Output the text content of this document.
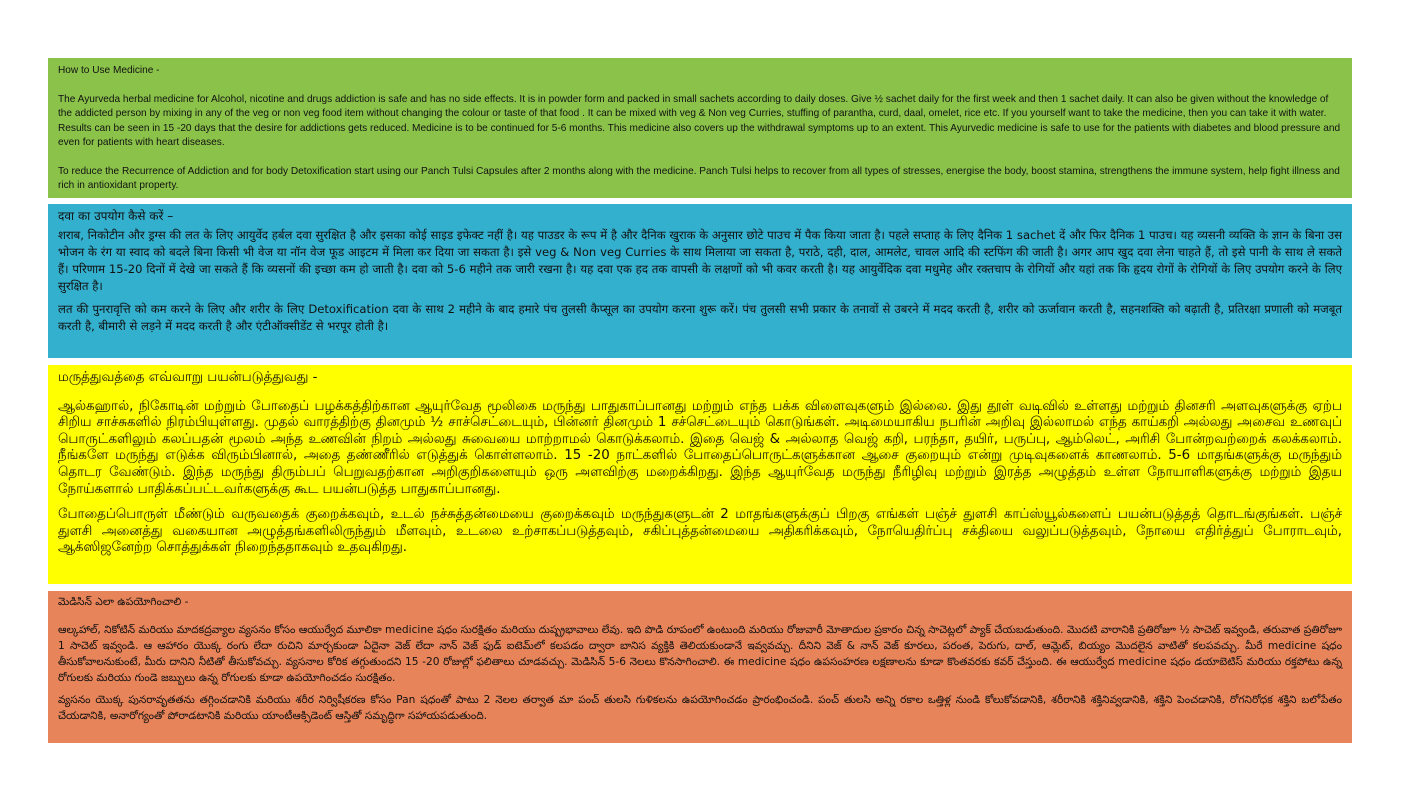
How to Use Medicine -

The Ayurveda herbal medicine for Alcohol, nicotine and drugs addiction is safe and has no side effects. It is in powder form and packed in small sachets according to daily doses. Give ½ sachet daily for the first week and then 1 sachet daily. It can also be given without the knowledge of the addicted person by mixing in any of the veg or non veg food item without changing the colour or taste of that food . It can be mixed with veg & Non veg Curries, stuffing of parantha, curd, daal, omelet, rice etc. If you yourself want to take the medicine, then you can take it with water. Results can be seen in 15 -20 days that the desire for addictions gets reduced. Medicine is to be continued for 5-6 months. This medicine also covers up the withdrawal symptoms up to an extent. This Ayurvedic medicine is safe to use for the patients with diabetes and blood pressure and even for patients with heart diseases.

To reduce the Recurrence of Addiction and for body Detoxification start using our Panch Tulsi Capsules after 2 months along with the medicine. Panch Tulsi helps to recover from all types of stresses, energise the body, boost stamina, strengthens the immune system, help fight illness and rich in antioxidant property.

दवा का उपयोग कैसे करें –

शराब, निकोटीन और ड्रग्स की लत के लिए आयुर्वेद हर्बल दवा सुरक्षित है और इसका कोई साइड इफेक्ट नहीं है। यह पाउडर के रूप में है और दैनिक खुराक के अनुसार छोटे पाउच में पैक किया जाता है। पहले सप्ताह के लिए दैनिक 1 sachet दें और फिर दैनिक 1 पाउच। यह व्यसनी व्यक्ति के ज्ञान के बिना उस भोजन के रंग या स्वाद को बदले बिना किसी भी वेज या नॉन वेज फूड आइटम में मिला कर दिया जा सकता है। इसे veg & Non veg Curries के साथ मिलाया जा सकता है, पराठे, दही, दाल, आमलेट, चावल आदि की स्टफिंग की जाती है। अगर आप खुद दवा लेना चाहते हैं, तो इसे पानी के साथ ले सकते हैं। परिणाम 15-20 दिनों में देखे जा सकते हैं कि व्यसनों की इच्छा कम हो जाती है। दवा को 5-6 महीने तक जारी रखना है। यह दवा एक हद तक वापसी के लक्षणों को भी कवर करती है। यह आयुर्वेदिक दवा मधुमेह और रक्तचाप के रोगियों और यहां तक कि हृदय रोगों के रोगियों के लिए उपयोग करने के लिए सुरक्षित है।

लत की पुनरावृत्ति को कम करने के लिए और शरीर के लिए Detoxification दवा के साथ 2 महीने के बाद हमारे पंच तुलसी कैप्सूल का उपयोग करना शुरू करें। पंच तुलसी सभी प्रकार के तनावों से उबरने में मदद करती है, शरीर को ऊर्जावान करती है, सहनशक्ति को बढ़ाती है, प्रतिरक्षा प्रणाली को मजबूत करती है, बीमारी से लड़ने में मदद करती है और एंटीऑक्सीडेंट से भरपूर होती है।

மருத்துவத்தை எவ்வாறு பயன்படுத்துவது -

ஆல்கஹால், நிகோடின் மற்றும் போதைப் பழக்கத்திற்கான ஆயுர்வேத மூலிகை மருந்து பாதுகாப்பானது மற்றும் எந்த பக்க விளைவுகளும் இல்லை. இது தூள் வடிவில் உள்ளது மற்றும் தினசரி அளவுகளுக்கு ஏற்ப சிறிய சாச்சுகளில் நிரம்பியுள்ளது. முதல் வாரத்திற்கு தினமும் ½ சாச்செட்டையும், பின்னர் தினமும் 1 சச்செட்டையும் கொடுங்கள். அடிமையாகிய நபரின் அறிவு இல்லாமல் எந்த காய்கறி அல்லது அசைவ உணவுப் பொருட்களிலும் கலப்பதன் மூலம் அந்த உணவின் நிறம் அல்லது சுவையை மாற்றாமல் கொடுக்கலாம். இதை வெஜ் & அல்லாத வெஜ் கறி, பரந்தா, தயிர், பருப்பு, ஆம்லெட், அரிசி போன்றவற்றைக் கலக்கலாம். நீங்களே மருந்து எடுக்க விரும்பினால், அதை தண்ணீரில் எடுத்துக் கொள்ளலாம். 15 -20 நாட்களில் போதைப்பொருட்களுக்கான ஆசை குறையும் என்று முடிவுகளைக் காணலாம். 5-6 மாதங்களுக்கு மருந்தும் தொடர வேண்டும். இந்த மருந்து திரும்பப் பெறுவதற்கான அறிகுறிகளையும் ஒரு அளவிற்கு மறைக்கிறது. இந்த ஆயுர்வேத மருந்து நீரிழிவு மற்றும் இரத்த அழுத்தம் உள்ள நோயாளிகளுக்கு மற்றும் இதய நோய்களால் பாதிக்கப்பட்டவர்களுக்கு கூட பயன்படுத்த பாதுகாப்பானது.

போதைப்பொருள் மீண்டும் வருவதைக் குறைக்கவும், உடல் நச்சுத்தன்மையை குறைக்கவும் மருந்துகளுடன் 2 மாதங்களுக்குப் பிறகு எங்கள் பஞ்ச் துளசி காப்ஸ்யூல்களைப் பயன்படுத்தத் தொடங்குங்கள். பஞ்ச் துளசி அனைத்து வகையான அழுத்தங்களிலிருந்தும் மீளவும், உடலை உற்சாகப்படுத்தவும், சகிப்புத்தன்மையை அதிகரிக்கவும், நோயெதிர்ப்பு சக்தியை வலுப்படுத்தவும், நோயை எதிர்த்துப் போராடவும், ஆக்ஸிஜனேற்ற சொத்துக்கள் நிறைந்ததாகவும் உதவுகிறது.

మెడిసిన్ ఎలా ఉపయోగించాలి -

ఆల్కహాల్, నికోటిన్ మరియు మాదకద్రవ్యాల వ్యసనం కోసం ఆయుర్వేద మూలికా medicine షధం సురక్షితం మరియు దుష్ప్రభావాలు లేవు. ఇది పొడి రూపంలో ఉంటుంది మరియు రోజువారీ మోతాదుల ప్రకారం చిన్న సాచెట్లలో ప్యాక్ చేయబడుతుంది. మొదటి వారానికి ప్రతిరోజూ ½ సాచెట్ ఇవ్వండి, తరువాత ప్రతిరోజూ 1 సాచెట్ ఇవ్వండి. ఆ ఆహారం యొక్క రంగు లేదా రుచిని మార్చకుండా ఏదైనా వెజ్ లేదా నాన్ వెజ్ ఫుడ్ ఐటెమ్‌లో కలపడం ద్వారా బానిస వ్యక్తికి తెలియకుండానే ఇవ్వవచ్చు. దీనిని వెజ్ & నాన్ వెజ్ కూరలు, పరంత, పెరుగు, దాల్, ఆమ్లెట్, బియ్యం మొదలైన వాటితో కలపవచ్చు. మీరే medicine షధం తీసుకోవాలనుకుంటే, మీరు దానిని నీటితో తీసుకోవచ్చు. వ్యసనాల కోరిక తగ్గుతుందని 15 -20 రోజుల్లో ఫలితాలు చూడవచ్చు. మెడిసిన్ 5-6 నెలలు కొనసాగించాలి. ఈ medicine షధం ఉపసంహరణ లక్షణాలను కూడా కొంతవరకు కవర్ చేస్తుంది. ఈ ఆయుర్వేద medicine షధం డయాబెటిస్ మరియు రక్తపోటు ఉన్న రోగులకు మరియు గుండె జబ్బులు ఉన్న రోగులకు కూడా ఉపయోగించడం సురక్షితం.

వ్యసనం యొక్క పునరావృతతను తగ్గించడానికి మరియు శరీర నిర్విషీకరణ కోసం Pan షధంతో పాటు 2 నెలల తర్వాత మా పంచ్ తులసి గుళికలను ఉపయోగించడం ప్రారంభించండి. పంచ్ తులసి అన్ని రకాల ఒత్తిళ్ల నుండి కోలుకోవడానికి, శరీరానికి శక్తినివ్వడానికి, శక్తిని పెంచడానికి, రోగనిరోధక శక్తిని బలోపేతం చేయడానికి, అనారోగ్యంతో పోరాడటానికి మరియు యాంటీఆక్సిడెంట్ ఆస్తితో సమృద్ధిగా సహాయపడుతుంది.
